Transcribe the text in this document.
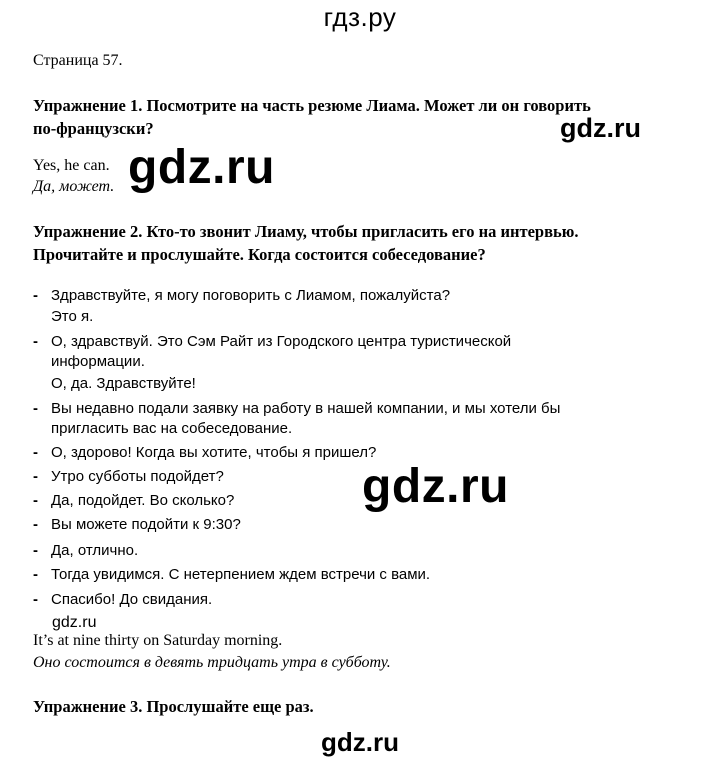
гдз.ру
gdz.ru
gdz.ru
gdz.ru
gdz.ru
gdz.ru
Страница 57.
Упражнение 1. Посмотрите на часть резюме Лиама. Может ли он говорить
по-французски?
Yes, he can.
Да, может.
Упражнение 2. Кто-то звонит Лиаму, чтобы пригласить его на интервью.
Прочитайте и прослушайте. Когда состоится собеседование?
- Здравствуйте, я могу поговорить с Лиамом, пожалуйста?
Это я.
- О, здравствуй. Это Сэм Райт из Городского центра туристической
информации.
О, да. Здравствуйте!
- Вы недавно подали заявку на работу в нашей компании, и мы хотели бы
пригласить вас на собеседование.
- О, здорово! Когда вы хотите, чтобы я пришел?
- Утро субботы подойдет?
- Да, подойдет. Во сколько?
- Вы можете подойти к 9:30?
- Да, отлично.
- Тогда увидимся. С нетерпением ждем встречи с вами.
- Спасибо! До свидания.
It’s at nine thirty on Saturday morning.
Оно состоится в девять тридцать утра в субботу.
Упражнение 3. Прослушайте еще раз.
